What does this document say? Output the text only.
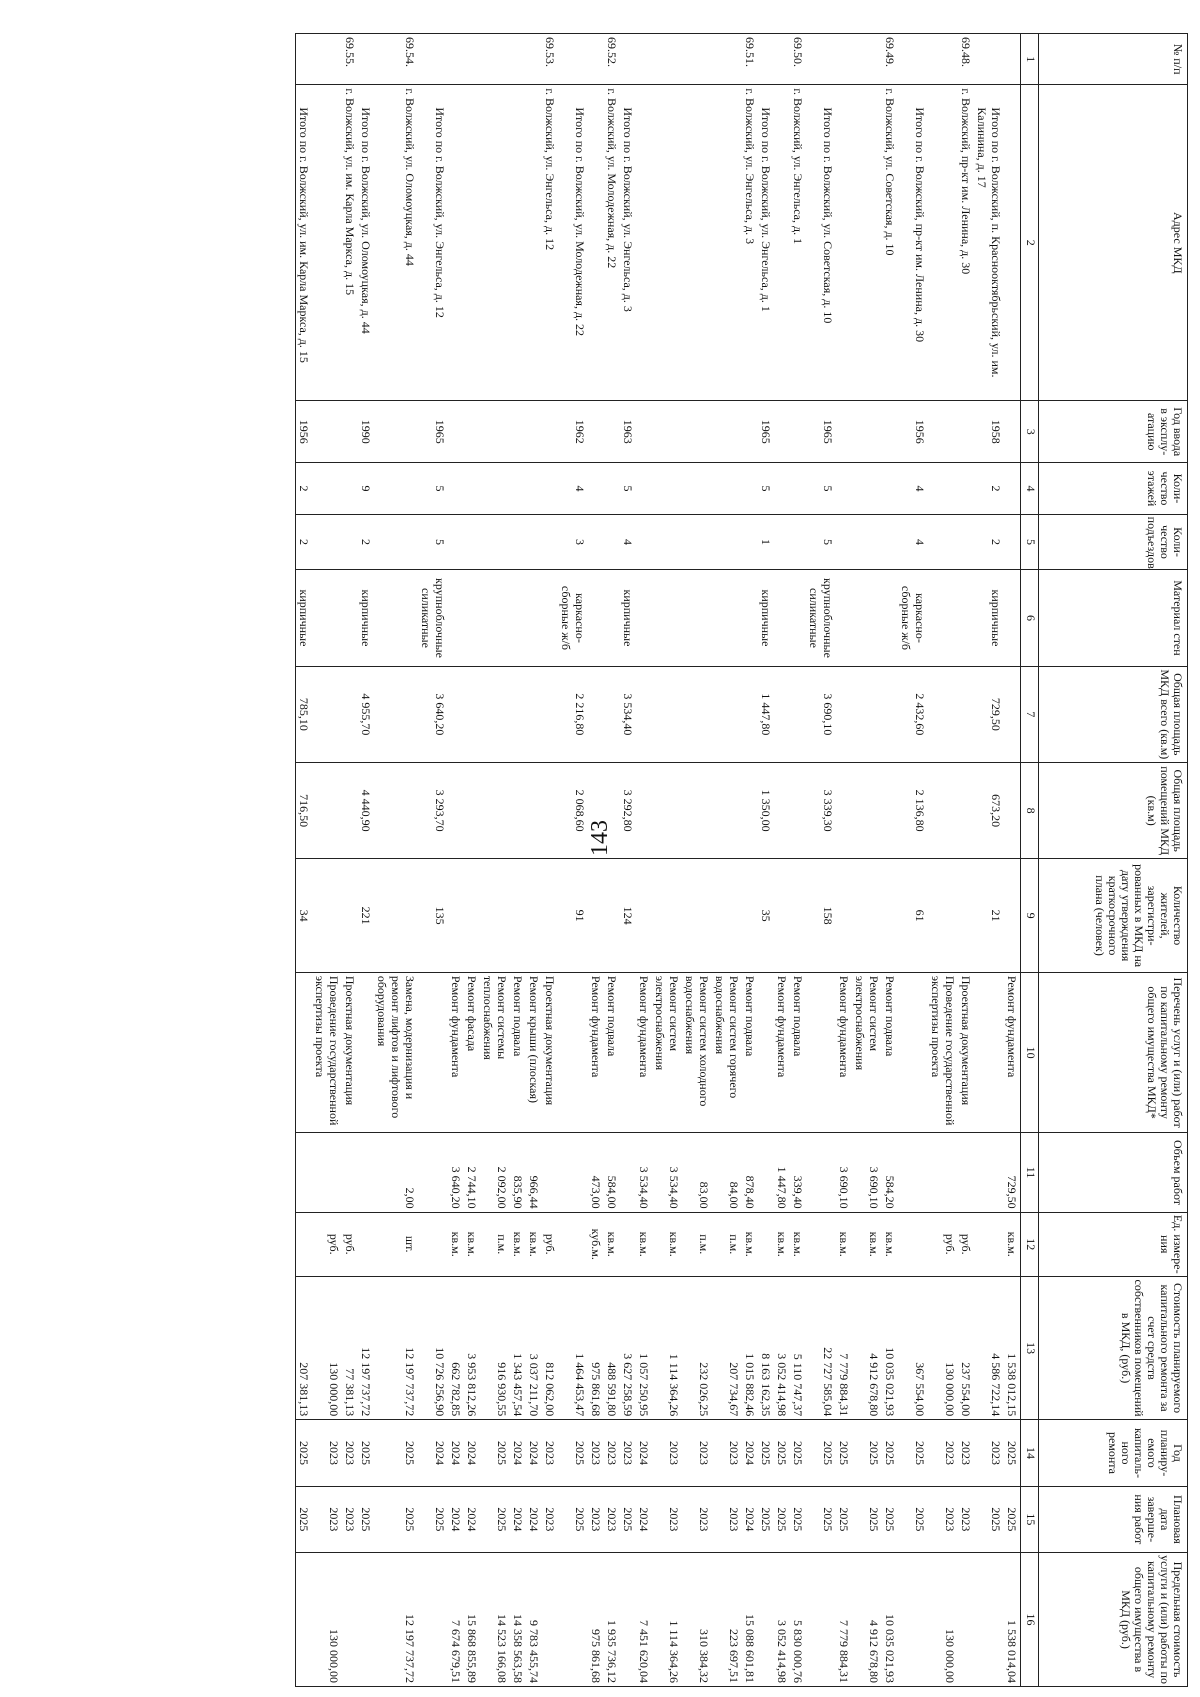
143
№ п/п	Адрес МКД	Год ввода в эксплу-атацию	Коли-чество этажей	Коли-чество подъездов	Материал стен	Общая площадь МКД всего (кв.м)	Общая площадь помещений МКД (кв.м)	Количество жителей, зарегистри-рованных в МКД на дату утверждения краткосрочного плана (человек)	Перечень услуг и (или) работ по капитальному ремонту общего имущества МКД*	Объем работ	Ед. измере-ния	Стоимость планируемого капитального ремонта за счет средств собственников помещений в МКД, (руб.)	Год планиру-емого капиталь-ного ремонта	Плановая дата заверше-ния работ	Предельная стоимость услуги и (или) работы по капитальному ремонту общего имущества в МКД (руб.)
1	2	3	4	5	6	7	8	9	10	11	12	13	14	15	16
									Ремонт фундамента	729,50	кв.м.	1 538 012,15	2025	2025	1 538 014,04
	Итого по г. Волжский, п. Краснооктябрьский, ул. им. Калинина, д. 17	1958	2	2	кирпичные	729,50	673,20	21				4 586 722,14	2023	2025	
69.48.	г. Волжский, пр-кт им. Ленина, д. 30								Проектная документация		руб.	237 554,00	2023	2023	
									Проведение государственной экспертизы проекта		руб.	130 000,00	2023	2023	130 000,00
	Итого по г. Волжский, пр-кт им. Ленина, д. 30	1956	4	4	каркасно-сборные ж/б	2 432,60	2 136,80	61				367 554,00	2025	2025	
69.49.	г. Волжский, ул. Советская, д. 10								Ремонт подвала	584,20	кв.м.	10 035 021,93	2025	2025	10 035 021,93
									Ремонт систем электроснабжения	3 690,10	кв.м.	4 912 678,80	2025	2025	4 912 678,80
									Ремонт фундамента	3 690,10	кв.м.	7 779 884,31	2025	2025	7 779 884,31
	Итого по г. Волжский, ул. Советская, д. 10	1965	5	5	крупноблочные силикатные	3 690,10	3 339,30	158				22 727 585,04	2025	2025	
69.50.	г. Волжский, ул. Энгельса, д. 1								Ремонт подвала	339,40	кв.м.	5 110 747,37	2025	2025	5 830 000,76
									Ремонт фундамента	1 447,80	кв.м.	3 052 414,98	2025	2025	3 052 414,98
	Итого по г. Волжский, ул. Энгельса, д. 1	1965	5	1	кирпичные	1 447,80	1 350,00	35				8 163 162,35	2025	2025	
69.51.	г. Волжский, ул. Энгельса, д. 3								Ремонт подвала	878,40	кв.м.	1 015 882,46	2024	2024	15 088 601,81
									Ремонт систем горячего водоснабжения	84,00	п.м.	207 734,67	2023	2023	223 697,51
									Ремонт систем холодного водоснабжения	83,00	п.м.	232 026,25	2023	2023	310 384,32
									Ремонт систем электроснабжения	3 534,40	кв.м.	1 114 364,26	2023	2023	1 114 364,26
									Ремонт фундамента	3 534,40	кв.м.	1 057 250,95	2024	2024	7 451 620,04
	Итого по г. Волжский, ул. Энгельса, д. 3	1963	5	4	кирпичные	3 534,40	3 292,80	124				3 627 258,59	2023	2025	
69.52.	г. Волжский, ул. Молодежная, д. 22								Ремонт подвала	584,00	кв.м.	488 591,80	2023	2023	1 935 736,12
									Ремонт фундамента	473,00	куб.м.	975 861,68	2023	2023	975 861,68
	Итого по г. Волжский, ул. Молодежная, д. 22	1962	4	3	каркасно-сборные ж/б	2 216,80	2 068,60	91				1 464 453,47	2025	2025	
69.53.	г. Волжский, ул. Энгельса, д. 12								Проектная документация		руб.	812 062,00	2023	2023	
									Ремонт крыши (плоская)	966,44	кв.м.	3 037 211,70	2024	2024	9 783 455,74
									Ремонт подвала	835,90	кв.м.	1 343 457,54	2024	2024	14 358 563,58
									Ремонт системы теплоснабжения	2 092,00	п.м.	916 930,55	2025	2025	14 523 166,08
									Ремонт фасада	2 744,10	кв.м.	3 953 812,26	2024	2024	15 868 855,89
									Ремонт фундамента	3 640,20	кв.м.	662 782,85	2024	2024	7 674 679,51
	Итого по г. Волжский, ул. Энгельса, д. 12	1965	5	5	крупноблочные силикатные	3 640,20	3 293,70	135				10 726 256,90	2024	2025	
69.54.	г. Волжский, ул. Оломоуцкая, д. 44								Замена, модернизация и ремонт лифтов и лифтового оборудования	2,00	шт.	12 197 737,72	2025	2025	12 197 737,72
	Итого по г. Волжский, ул. Оломоуцкая, д. 44	1990	9	2	кирпичные	4 955,70	4 440,90	221				12 197 737,72	2025	2025	
69.55.	г. Волжский, ул. им. Карла Маркса, д. 15								Проектная документация		руб.	77 381,13	2023	2023	
									Проведение государственной экспертизы проекта		руб.	130 000,00	2023	2023	130 000,00
	Итого по г. Волжский, ул. им. Карла Маркса, д. 15	1956	2	2	кирпичные	785,10	716,50	34				207 381,13	2025	2025	
